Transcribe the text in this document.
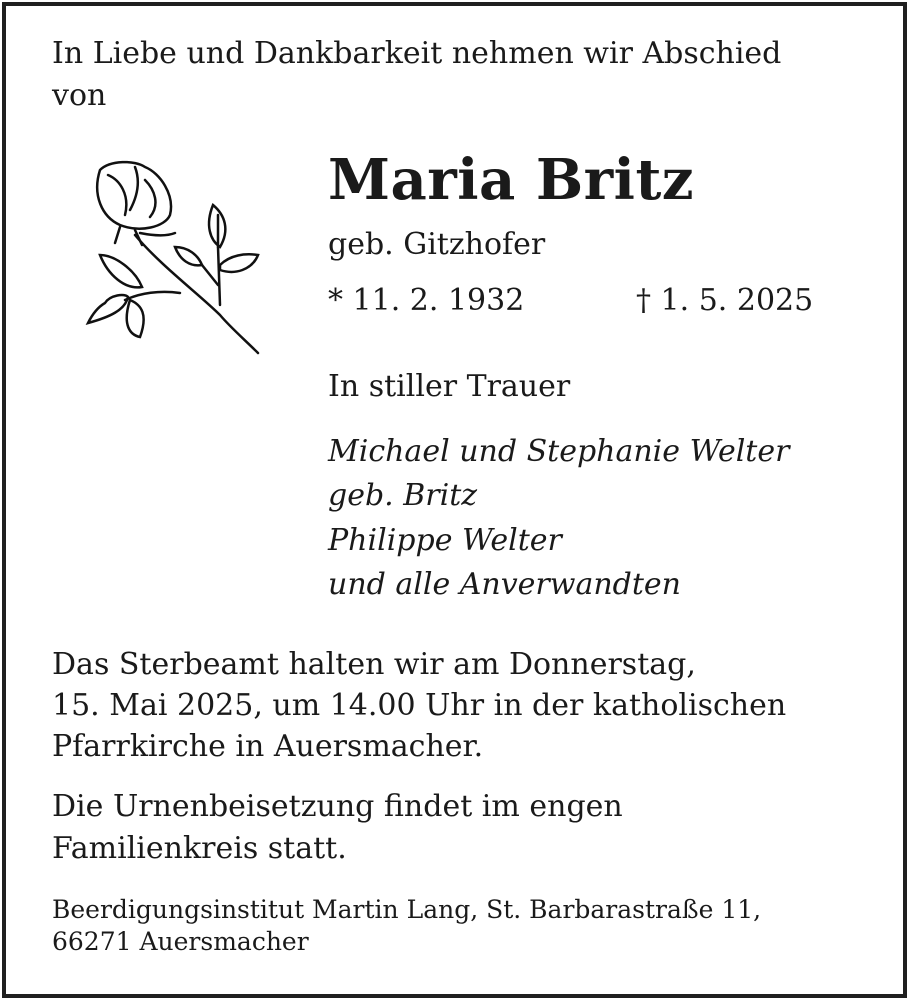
In Liebe und Dankbarkeit nehmen wir Abschied
von
Maria Britz
geb. Gitzhofer
* 11. 2. 1932	† 1. 5. 2025
In stiller Trauer
Michael und Stephanie Welter
geb. Britz
Philippe Welter
und alle Anverwandten
Das Sterbeamt halten wir am Donnerstag,
15. Mai 2025, um 14.00 Uhr in der katholischen
Pfarrkirche in Auersmacher.
Die Urnenbeisetzung findet im engen
Familienkreis statt.
Beerdigungsinstitut Martin Lang, St. Barbarastraße 11,
66271 Auersmacher
